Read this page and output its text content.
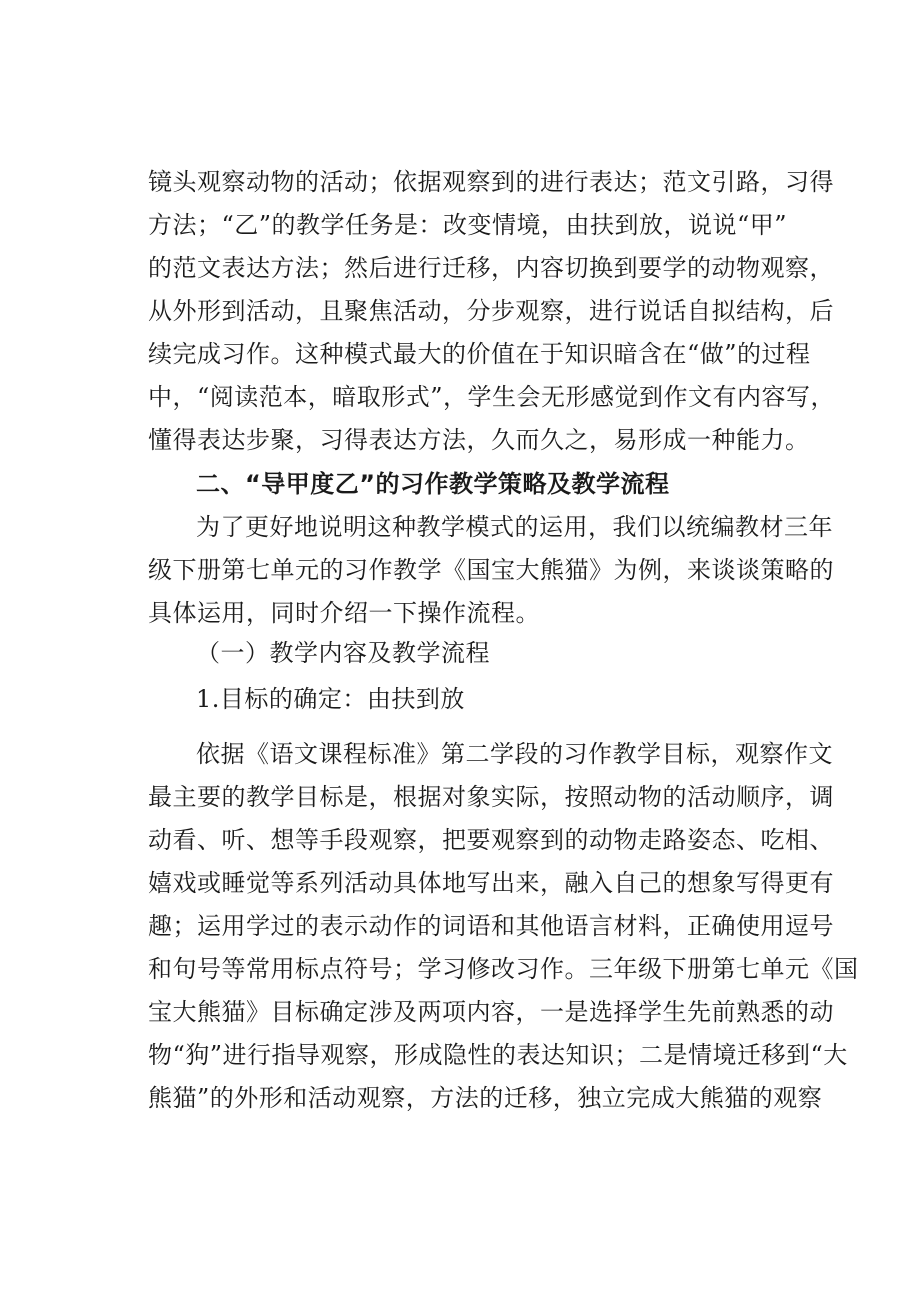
镜头观察动物的活动；依据观察到的进行表达；范文引路，习得
方法；“乙”的教学任务是：改变情境，由扶到放，说说“甲”
的范文表达方法；然后进行迁移，内容切换到要学的动物观察，
从外形到活动，且聚焦活动，分步观察，进行说话自拟结构，后
续完成习作。这种模式最大的价值在于知识暗含在“做”的过程
中，“阅读范本，暗取形式”，学生会无形感觉到作文有内容写，
懂得表达步聚，习得表达方法，久而久之，易形成一种能力。
二、“导甲度乙”的习作教学策略及教学流程
为了更好地说明这种教学模式的运用，我们以统编教材三年
级下册第七单元的习作教学《国宝大熊猫》为例，来谈谈策略的
具体运用，同时介绍一下操作流程。
（一）教学内容及教学流程
1.目标的确定：由扶到放
依据《语文课程标准》第二学段的习作教学目标，观察作文
最主要的教学目标是，根据对象实际，按照动物的活动顺序，调
动看、听、想等手段观察，把要观察到的动物走路姿态、吃相、
嬉戏或睡觉等系列活动具体地写出来，融入自己的想象写得更有
趣；运用学过的表示动作的词语和其他语言材料，正确使用逗号
和句号等常用标点符号；学习修改习作。三年级下册第七单元《国
宝大熊猫》目标确定涉及两项内容，一是选择学生先前熟悉的动
物“狗”进行指导观察，形成隐性的表达知识；二是情境迁移到“大
熊猫”的外形和活动观察，方法的迁移，独立完成大熊猫的观察
